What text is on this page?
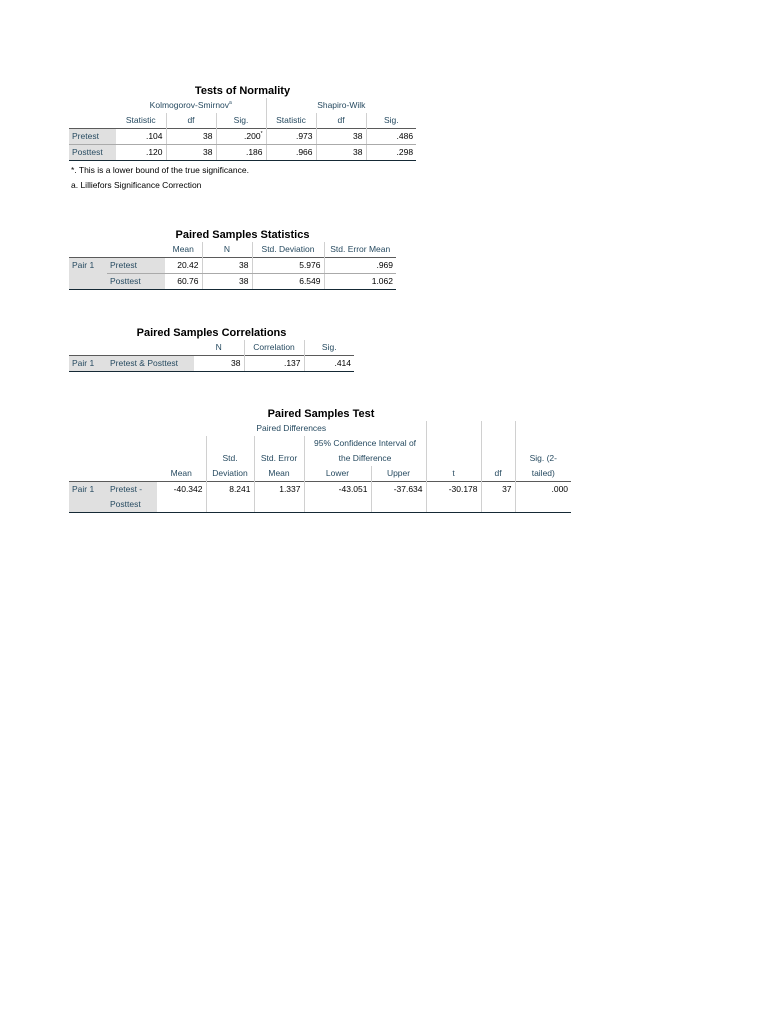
Tests of Normality
	Kolmogorov-Smirnov$^a$			Shapiro-Wilk		
	Statistic	df	Sig.	Statistic	df	Sig.
Pretest	.104	38	.200*	.973	38	.486
Posttest	.120	38	.186	.966	38	.298
*. This is a lower bound of the true significance.
a. Lilliefors Significance Correction
Paired Samples Statistics
		Mean	N	Std. Deviation	Std. Error Mean
Pair 1	Pretest	20.42	38	5.976	.969
	Posttest	60.76	38	6.549	1.062
Paired Samples Correlations
		N	Correlation	Sig.
Pair 1	Pretest & Posttest	38	.137	.414
Paired Samples Test
		Paired Differences							
					95% Confidence Interval of				
			Std.	Std. Error	the Difference				Sig. (2-
		Mean	Deviation	Mean	Lower	Upper	t	df	tailed)
Pair 1	Pretest -	-40.342	8.241	1.337	-43.051	-37.634	-30.178	37	.000
	Posttest								
